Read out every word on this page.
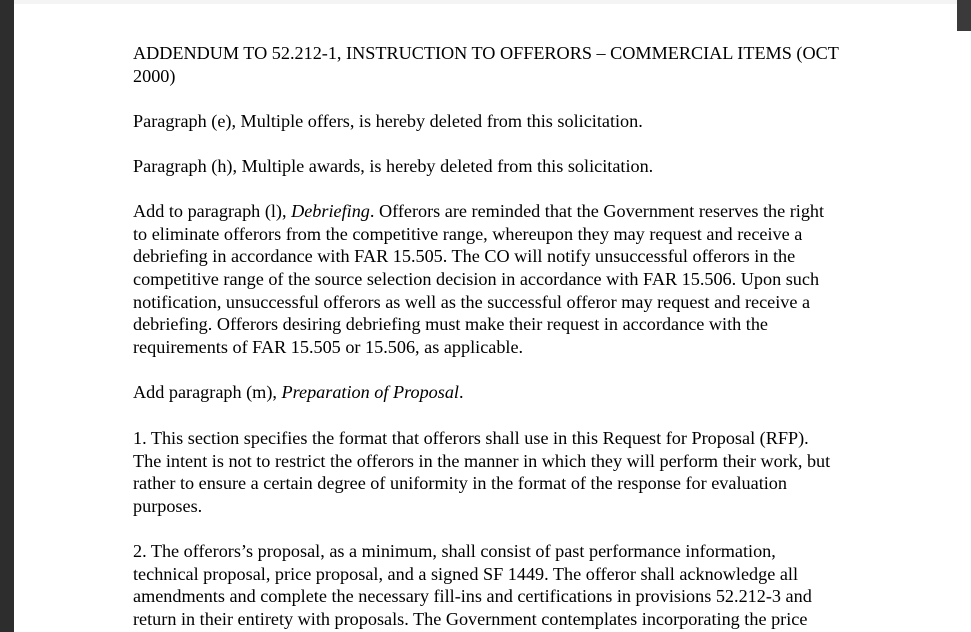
ADDENDUM TO 52.212-1, INSTRUCTION TO OFFERORS – COMMERCIAL ITEMS (OCT
2000)
Paragraph (e), Multiple offers, is hereby deleted from this solicitation.
Paragraph (h), Multiple awards, is hereby deleted from this solicitation.
Add to paragraph (l), Debriefing. Offerors are reminded that the Government reserves the right
to eliminate offerors from the competitive range, whereupon they may request and receive a
debriefing in accordance with FAR 15.505. The CO will notify unsuccessful offerors in the
competitive range of the source selection decision in accordance with FAR 15.506. Upon such
notification, unsuccessful offerors as well as the successful offeror may request and receive a
debriefing. Offerors desiring debriefing must make their request in accordance with the
requirements of FAR 15.505 or 15.506, as applicable.
Add paragraph (m), Preparation of Proposal.
1. This section specifies the format that offerors shall use in this Request for Proposal (RFP).
The intent is not to restrict the offerors in the manner in which they will perform their work, but
rather to ensure a certain degree of uniformity in the format of the response for evaluation
purposes.
2. The offerors’s proposal, as a minimum, shall consist of past performance information,
technical proposal, price proposal, and a signed SF 1449. The offeror shall acknowledge all
amendments and complete the necessary fill-ins and certifications in provisions 52.212-3 and
return in their entirety with proposals. The Government contemplates incorporating the price
